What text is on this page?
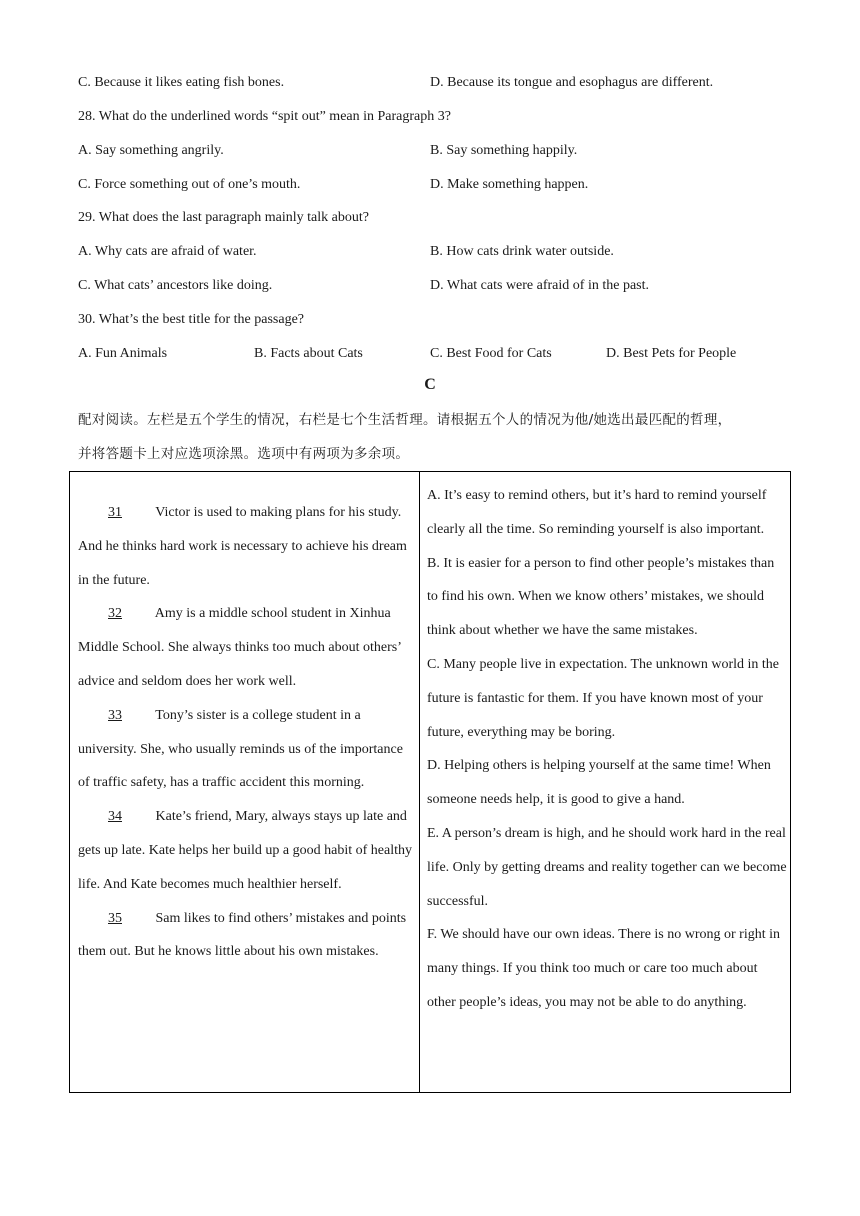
C. Because it likes eating fish bones.	D. Because its tongue and esophagus are different.
28. What do the underlined words “spit out” mean in Paragraph 3?
A. Say something angrily.	B. Say something happily.
C. Force something out of one’s mouth.	D. Make something happen.
29. What does the last paragraph mainly talk about?
A. Why cats are afraid of water.	B. How cats drink water outside.
C. What cats’ ancestors like doing.	D. What cats were afraid of in the past.
30. What’s the best title for the passage?
A. Fun Animals	B. Facts about Cats	C. Best Food for Cats	D. Best Pets for People
C
配对阅读。左栏是五个学生的情况，右栏是七个生活哲理。请根据五个人的情况为他/她选出最匹配的哲理，
并将答题卡上对应选项涂黑。选项中有两项为多余项。
31 Victor is used to making plans for his study. And he thinks hard work is necessary to achieve his dream in the future.
32 Amy is a middle school student in Xinhua Middle School. She always thinks too much about others’ advice and seldom does her work well.
33 Tony’s sister is a college student in a university. She, who usually reminds us of the importance of traffic safety, has a traffic accident this morning.
34 Kate’s friend, Mary, always stays up late and gets up late. Kate helps her build up a good habit of healthy life. And Kate becomes much healthier herself.
35 Sam likes to find others’ mistakes and points them out. But he knows little about his own mistakes.
A. It’s easy to remind others, but it’s hard to remind yourself clearly all the time. So reminding yourself is also important.
B. It is easier for a person to find other people’s mistakes than to find his own. When we know others’ mistakes, we should think about whether we have the same mistakes.
C. Many people live in expectation. The unknown world in the future is fantastic for them. If you have known most of your future, everything may be boring.
D. Helping others is helping yourself at the same time! When someone needs help, it is good to give a hand.
E. A person’s dream is high, and he should work hard in the real life. Only by getting dreams and reality together can we become successful.
F. We should have our own ideas. There is no wrong or right in many things. If you think too much or care too much about other people’s ideas, you may not be able to do anything.
